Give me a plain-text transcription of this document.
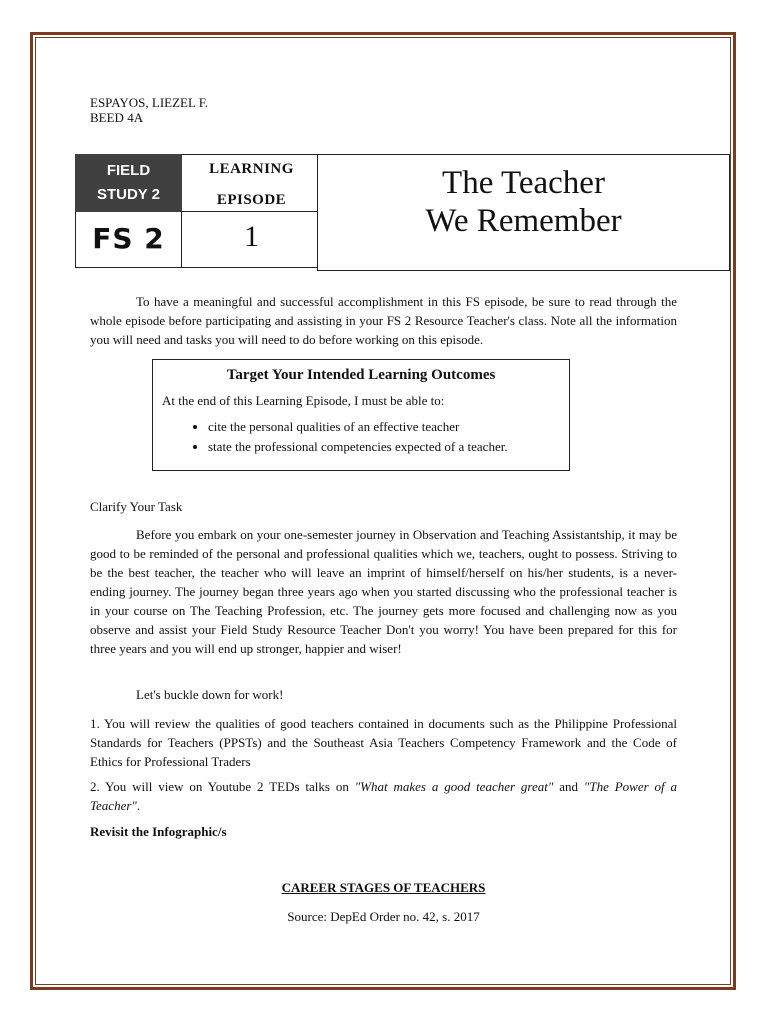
ESPAYOS, LIEZEL F.
BEED 4A
FIELD
STUDY 2
FS 2
LEARNING
EPISODE
1
The Teacher
We Remember
To have a meaningful and successful accomplishment in this FS episode, be sure to read through the whole episode before participating and assisting in your FS 2 Resource Teacher's class. Note all the information you will need and tasks you will need to do before working on this episode.
Target Your Intended Learning Outcomes
At the end of this Learning Episode, I must be able to:
• cite the personal qualities of an effective teacher
• state the professional competencies expected of a teacher.
Clarify Your Task
Before you embark on your one-semester journey in Observation and Teaching Assistantship, it may be good to be reminded of the personal and professional qualities which we, teachers, ought to possess. Striving to be the best teacher, the teacher who will leave an imprint of himself/herself on his/her students, is a never-ending journey. The journey began three years ago when you started discussing who the professional teacher is in your course on The Teaching Profession, etc. The journey gets more focused and challenging now as you observe and assist your Field Study Resource Teacher Don't you worry! You have been prepared for this for three years and you will end up stronger, happier and wiser!
Let's buckle down for work!
1. You will review the qualities of good teachers contained in documents such as the Philippine Professional Standards for Teachers (PPSTs) and the Southeast Asia Teachers Competency Framework and the Code of Ethics for Professional Traders
2. You will view on Youtube 2 TEDs talks on "What makes a good teacher great" and "The Power of a Teacher".
Revisit the Infographic/s
CAREER STAGES OF TEACHERS
Source: DepEd Order no. 42, s. 2017
